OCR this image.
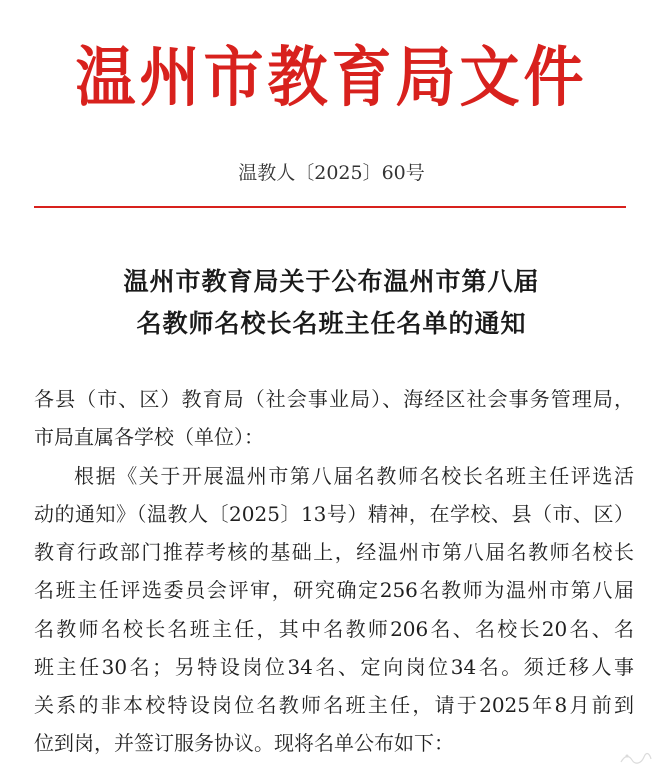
温州市教育局文件
温教人〔2025〕60号
温州市教育局关于公布温州市第八届
名教师名校长名班主任名单的通知
各县（市、区）教育局（社会事业局）、海经区社会事务管理局，
市局直属各学校（单位）：
根据《关于开展温州市第八届名教师名校长名班主任评选活
动的通知》（温教人〔2025〕13号）精神，在学校、县（市、区）
教育行政部门推荐考核的基础上，经温州市第八届名教师名校长
名班主任评选委员会评审，研究确定256名教师为温州市第八届
名教师名校长名班主任，其中名教师206名、名校长20名、名
班主任30名；另特设岗位34名、定向岗位34名。须迁移人事
关系的非本校特设岗位名教师名班主任，请于2025年8月前到
位到岗，并签订服务协议。现将名单公布如下：
